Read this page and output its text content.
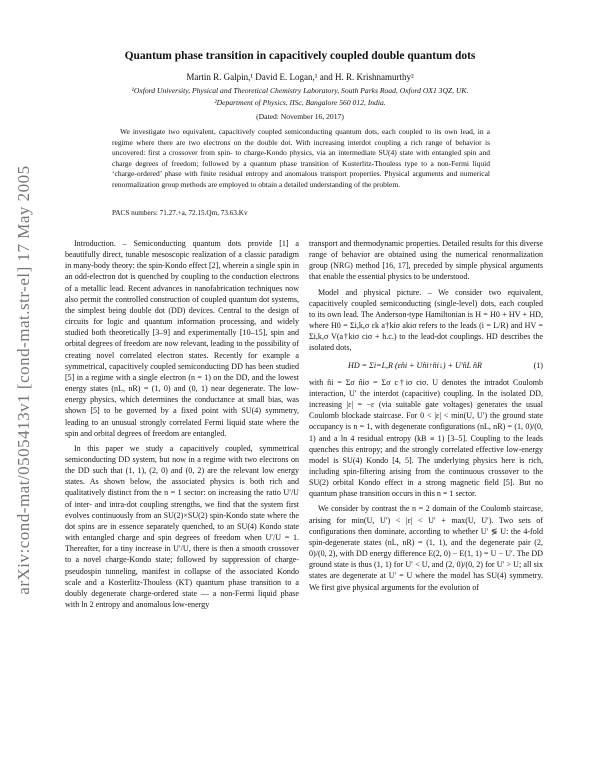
arXiv:cond-mat/0505413v1 [cond-mat.str-el] 17 May 2005
Quantum phase transition in capacitively coupled double quantum dots
Martin R. Galpin,¹ David E. Logan,¹ and H. R. Krishnamurthy²
¹Oxford University, Physical and Theoretical Chemistry Laboratory, South Parks Road, Oxford OX1 3QZ, UK.
²Department of Physics, IISc, Bangalore 560 012, India.
(Dated: November 16, 2017)
We investigate two equivalent, capacitively coupled semiconducting quantum dots, each coupled to its own lead, in a regime where there are two electrons on the double dot. With increasing interdot coupling a rich range of behavior is uncovered: first a crossover from spin- to charge-Kondo physics, via an intermediate SU(4) state with entangled spin and charge degrees of freedom; followed by a quantum phase transition of Kosterlitz-Thouless type to a non-Fermi liquid ‘charge-ordered’ phase with finite residual entropy and anomalous transport properties. Physical arguments and numerical renormalization group methods are employed to obtain a detailed understanding of the problem.
PACS numbers: 71.27.+a, 72.15.Qm, 73.63.Kv

Introduction. – Semiconducting quantum dots provide [1] a beautifully direct, tunable mesoscopic realization of a classic paradigm in many-body theory: the spin-Kondo effect [2], wherein a single spin in an odd-electron dot is quenched by coupling to the conduction electrons of a metallic lead. Recent advances in nanofabrication techniques now also permit the controlled construction of coupled quantum dot systems, the simplest being double dot (DD) devices. Central to the design of circuits for logic and quantum information processing, and widely studied both theoretically [3–9] and experimentally [10–15], spin and orbital degrees of freedom are now relevant, leading to the possibility of creating novel correlated electron states. Recently for example a symmetrical, capacitively coupled semiconducting DD has been studied [5] in a regime with a single electron (n = 1) on the DD, and the lowest energy states (nL, nR) = (1, 0) and (0, 1) near degenerate. The low-energy physics, which determines the conductance at small bias, was shown [5] to be governed by a fixed point with SU(4) symmetry, leading to an unusual strongly correlated Fermi liquid state where the spin and orbital degrees of freedom are entangled.

In this paper we study a capacitively coupled, symmetrical semiconducting DD system, but now in a regime with two electrons on the DD such that (1, 1), (2, 0) and (0, 2) are the relevant low energy states. As shown below, the associated physics is both rich and qualitatively distinct from the n = 1 sector: on increasing the ratio U′/U of inter- and intra-dot coupling strengths, we find that the system first evolves continuously from an SU(2)×SU(2) spin-Kondo state where the dot spins are in essence separately quenched, to an SU(4) Kondo state with entangled charge and spin degrees of freedom when U′/U = 1. Thereafter, for a tiny increase in U′/U, there is then a smooth crossover to a novel charge-Kondo state; followed by suppression of charge-pseudospin tunneling, manifest in collapse of the associated Kondo scale and a Kosterlitz-Thouless (KT) quantum phase transition to a doubly degenerate charge-ordered state — a non-Fermi liquid phase with ln 2 entropy and anomalous low-energy

transport and thermodynamic properties. Detailed results for this diverse range of behavior are obtained using the numerical renormalization group (NRG) method [16, 17], preceded by simple physical arguments that enable the essential physics to be understood.

Model and physical picture. – We consider two equivalent, capacitively coupled semiconducting (single-level) dots, each coupled to its own lead. The Anderson-type Hamiltonian is H = H0 + HV + HD, where H0 = Σi,k,σ εk a†kiσ akiσ refers to the leads (i = L/R) and HV = Σi,k,σ V(a†kiσ ciσ + h.c.) to the lead-dot couplings. HD describes the isolated dots,

HD = Σi=L,R (εn̂i + Un̂i↑n̂i↓) + U′n̂L n̂R	(1)

with n̂i = Σσ n̂iσ = Σσ c†iσ ciσ. U denotes the intradot Coulomb interaction, U′ the interdot (capacitive) coupling. In the isolated DD, increasing |ε| = −ε (via suitable gate voltages) generates the usual Coulomb blockade staircase. For 0 < |ε| < min(U, U′) the ground state occupancy is n = 1, with degenerate configurations (nL, nR) = (1, 0)/(0, 1) and a ln 4 residual entropy (kB ≡ 1) [3–5]. Coupling to the leads quenches this entropy; and the strongly correlated effective low-energy model is SU(4) Kondo [4, 5]. The underlying physics here is rich, including spin-filtering arising from the continuous crossover to the SU(2) orbital Kondo effect in a strong magnetic field [5]. But no quantum phase transition occurs in this n = 1 sector.

We consider by contrast the n = 2 domain of the Coulomb staircase, arising for min(U, U′) < |ε| < U′ + max(U, U′). Two sets of configurations then dominate, according to whether U′ ≶ U: the 4-fold spin-degenerate states (nL, nR) = (1, 1), and the degenerate pair (2, 0)/(0, 2), with DD energy difference E(2, 0) − E(1, 1) = U − U′. The DD ground state is thus (1, 1) for U′ < U, and (2, 0)/(0, 2) for U′ > U; all six states are degenerate at U′ = U where the model has SU(4) symmetry. We first give physical arguments for the evolution of
